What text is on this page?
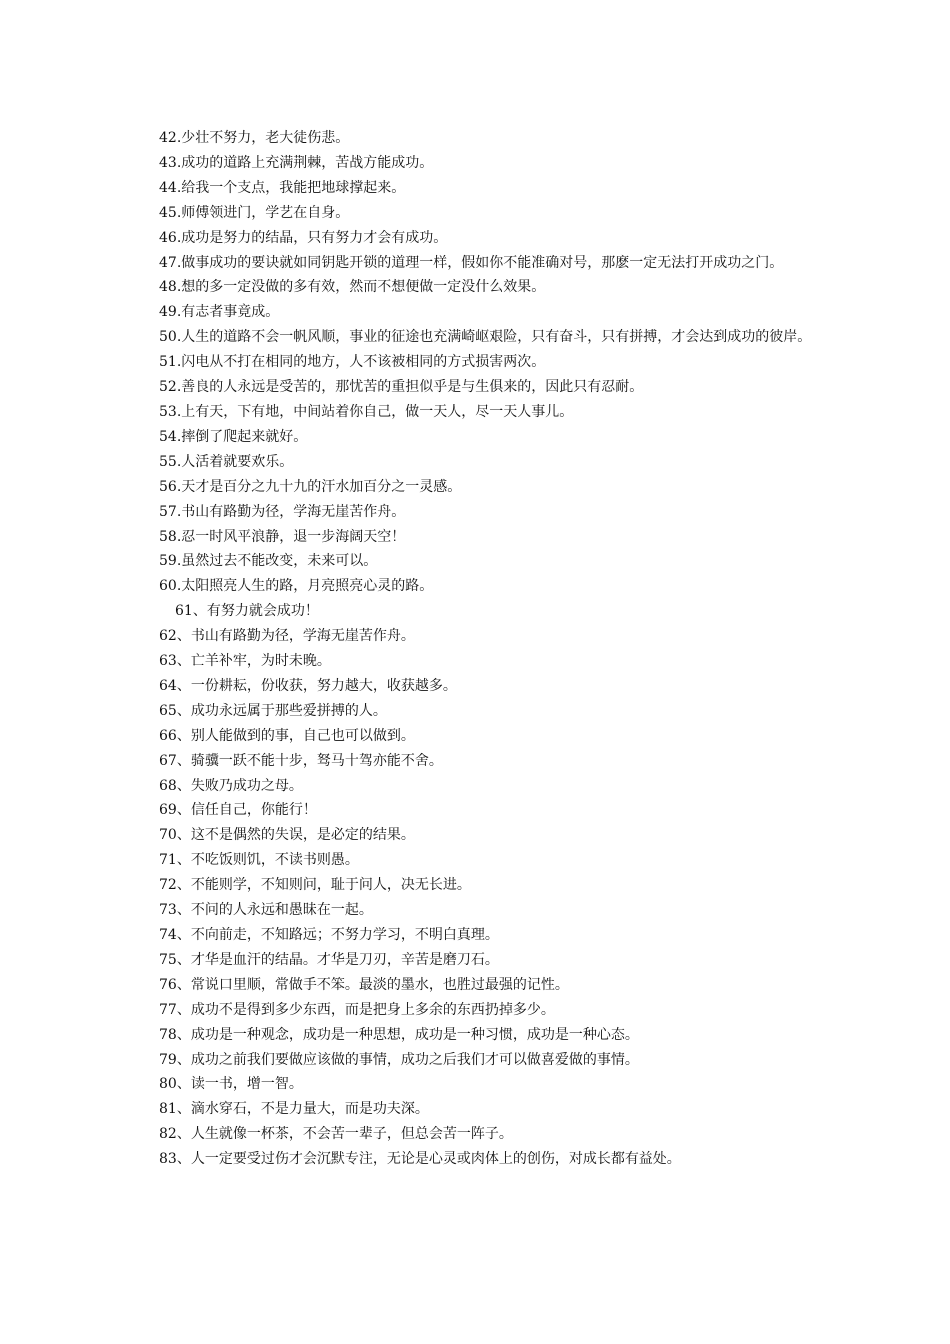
42.少壮不努力，老大徒伤悲。
43.成功的道路上充满荆棘，苦战方能成功。
44.给我一个支点，我能把地球撑起来。
45.师傅领进门，学艺在自身。
46.成功是努力的结晶，只有努力才会有成功。
47.做事成功的要诀就如同钥匙开锁的道理一样，假如你不能准确对号，那麽一定无法打开成功之门。
48.想的多一定没做的多有效，然而不想便做一定没什么效果。
49.有志者事竟成。
50.人生的道路不会一帆风顺，事业的征途也充满崎岖艰险，只有奋斗，只有拼搏，才会达到成功的彼岸。
51.闪电从不打在相同的地方，人不该被相同的方式损害两次。
52.善良的人永远是受苦的，那忧苦的重担似乎是与生俱来的，因此只有忍耐。
53.上有天，下有地，中间站着你自己，做一天人，尽一天人事儿。
54.摔倒了爬起来就好。
55.人活着就要欢乐。
56.天才是百分之九十九的汗水加百分之一灵感。
57.书山有路勤为径，学海无崖苦作舟。
58.忍一时风平浪静，退一步海阔天空！
59.虽然过去不能改变，未来可以。
60.太阳照亮人生的路，月亮照亮心灵的路。
61、有努力就会成功！
62、书山有路勤为径，学海无崖苦作舟。
63、亡羊补牢，为时未晚。
64、一份耕耘，份收获，努力越大，收获越多。
65、成功永远属于那些爱拼搏的人。
66、别人能做到的事，自己也可以做到。
67、骑骥一跃不能十步，驽马十驾亦能不舍。
68、失败乃成功之母。
69、信任自己，你能行！
70、这不是偶然的失误，是必定的结果。
71、不吃饭则饥，不读书则愚。
72、不能则学，不知则问，耻于问人，决无长进。
73、不问的人永远和愚昧在一起。
74、不向前走，不知路远；不努力学习，不明白真理。
75、才华是血汗的结晶。才华是刀刃，辛苦是磨刀石。
76、常说口里顺，常做手不笨。最淡的墨水，也胜过最强的记性。
77、成功不是得到多少东西，而是把身上多余的东西扔掉多少。
78、成功是一种观念，成功是一种思想，成功是一种习惯，成功是一种心态。
79、成功之前我们要做应该做的事情，成功之后我们才可以做喜爱做的事情。
80、读一书，增一智。
81、滴水穿石，不是力量大，而是功夫深。
82、人生就像一杯茶，不会苦一辈子，但总会苦一阵子。
83、人一定要受过伤才会沉默专注，无论是心灵或肉体上的创伤，对成长都有益处。
